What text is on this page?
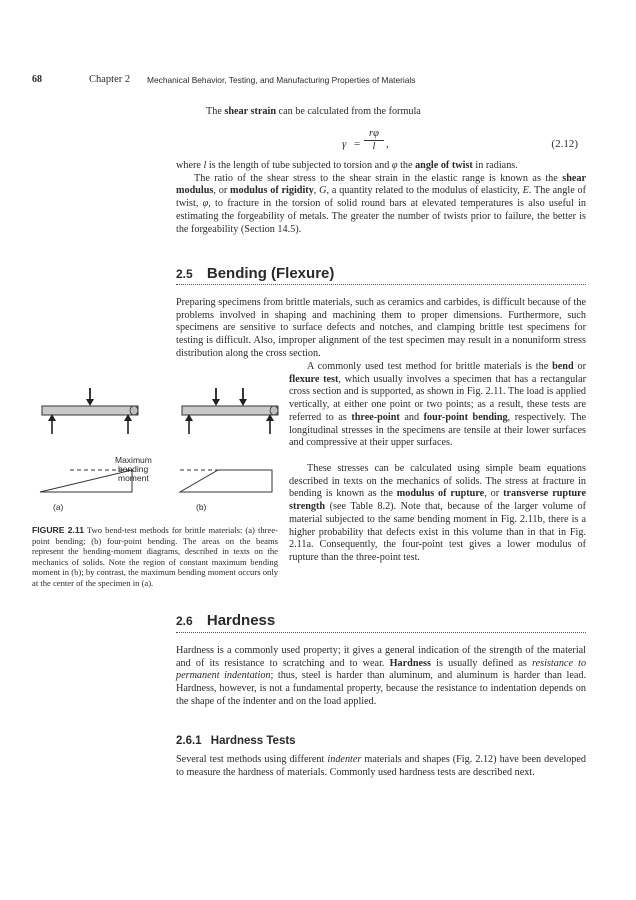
68	Chapter 2 Mechanical Behavior, Testing, and Manufacturing Properties of Materials
The shear strain can be calculated from the formula
$\gamma = \frac{r\varphi}{l}$ ,	(2.12)
where l is the length of tube subjected to torsion and φ the angle of twist in radians.
The ratio of the shear stress to the shear strain in the elastic range is known as the shear modulus, or modulus of rigidity, G, a quantity related to the modulus of elasticity, E. The angle of twist, φ, to fracture in the torsion of solid round bars at elevated temperatures is also useful in estimating the forgeability of metals. The greater the number of twists prior to failure, the better is the forgeability (Section 14.5).
2.5 Bending (Flexure)
Preparing specimens from brittle materials, such as ceramics and carbides, is difficult because of the problems involved in shaping and machining them to proper dimensions. Furthermore, such specimens are sensitive to surface defects and notches, and clamping brittle test specimens for testing is difficult. Also, improper alignment of the test specimen may result in a nonuniform stress distribution along the cross section.
A commonly used test method for brittle materials is the bend or flexure test, which usually involves a specimen that has a rectangular cross section and is supported, as shown in Fig. 2.11. The load is applied vertically, at either one point or two points; as a result, these tests are referred to as three-point and four-point bending, respectively. The longitudinal stresses in the specimens are tensile at their lower surfaces and compressive at their upper surfaces.
These stresses can be calculated using simple beam equations described in texts on the mechanics of solids. The stress at fracture in bending is known as the modulus of rupture, or transverse rupture strength (see Table 8.2). Note that, because of the larger volume of material subjected to the same bending moment in Fig. 2.11b, there is a higher probability that defects exist in this volume than in that in Fig. 2.11a. Consequently, the four-point test gives a lower modulus of rupture than the three-point test.
Maximum
bending
moment
(a)	(b)
FIGURE 2.11 Two bend-test methods for brittle materials: (a) three-point bending; (b) four-point bending. The areas on the beams represent the bending-moment diagrams, described in texts on the mechanics of solids. Note the region of constant maximum bending moment in (b); by contrast, the maximum bending moment occurs only at the center of the specimen in (a).
2.6 Hardness
Hardness is a commonly used property; it gives a general indication of the strength of the material and of its resistance to scratching and to wear. Hardness is usually defined as resistance to permanent indentation; thus, steel is harder than aluminum, and aluminum is harder than lead. Hardness, however, is not a fundamental property, because the resistance to indentation depends on the shape of the indenter and on the load applied.
2.6.1 Hardness Tests
Several test methods using different indenter materials and shapes (Fig. 2.12) have been developed to measure the hardness of materials. Commonly used hardness tests are described next.
